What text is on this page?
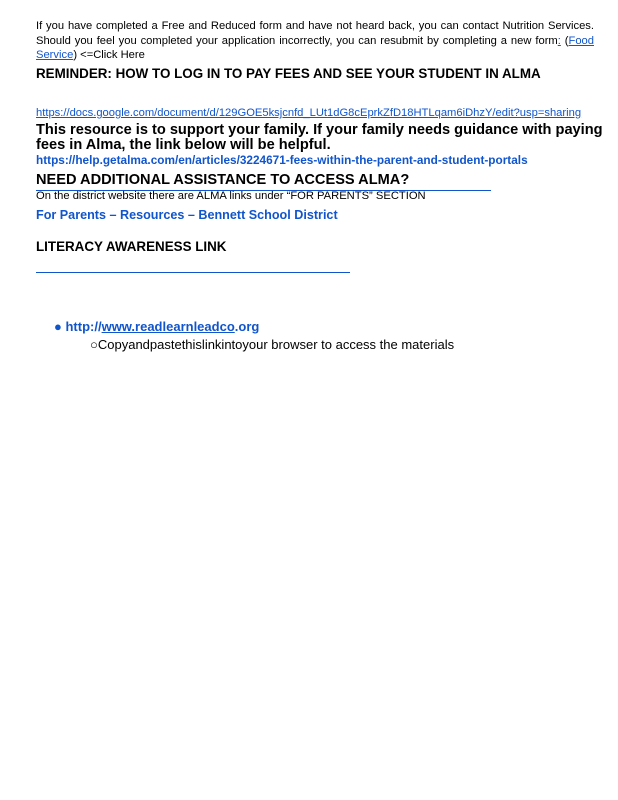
If you have completed a Free and Reduced form and have not heard back, you can contact Nutrition Services. Should you feel you completed your application incorrectly, you can resubmit by completing a new form: (Food Service) <=Click Here
REMINDER: HOW TO LOG IN TO PAY FEES AND SEE YOUR STUDENT IN ALMA
https://docs.google.com/document/d/129GOE5ksjcnfd_LUt1dG8cEprkZfD18HTLqam6iDhzY/edit?usp=sharing
This resource is to support your family. If your family needs guidance with paying
fees in Alma, the link below will be helpful.
https://help.getalma.com/en/articles/3224671-fees-within-the-parent-and-student-portals
NEED ADDITIONAL ASSISTANCE TO ACCESS ALMA?
On the district website there are ALMA links under “FOR PARENTS” SECTION
For Parents – Resources – Bennett School District
LITERACY AWARENESS LINK
● http://www.readlearnleadco.org
○Copyandpastethislinkintoyour browser to access the materials
